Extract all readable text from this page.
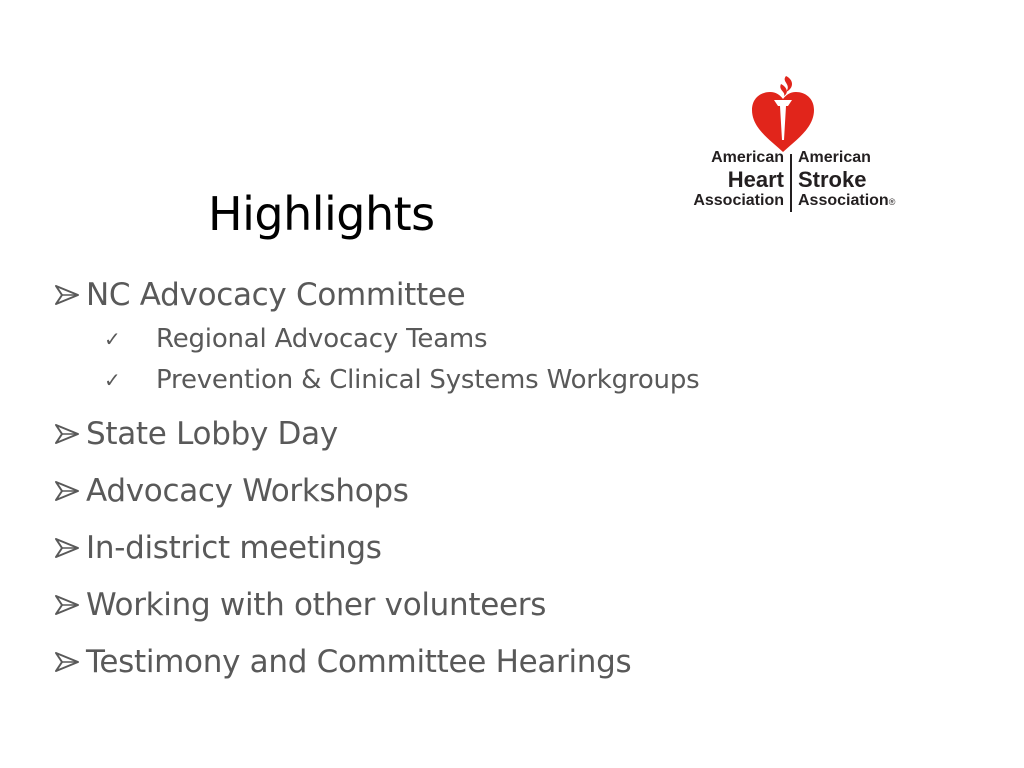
Highlights
American
Heart
Association
American
Stroke
Association®
NC Advocacy Committee
✓ Regional Advocacy Teams
✓ Prevention & Clinical Systems Workgroups
State Lobby Day
Advocacy Workshops
In-district meetings
Working with other volunteers
Testimony and Committee Hearings
